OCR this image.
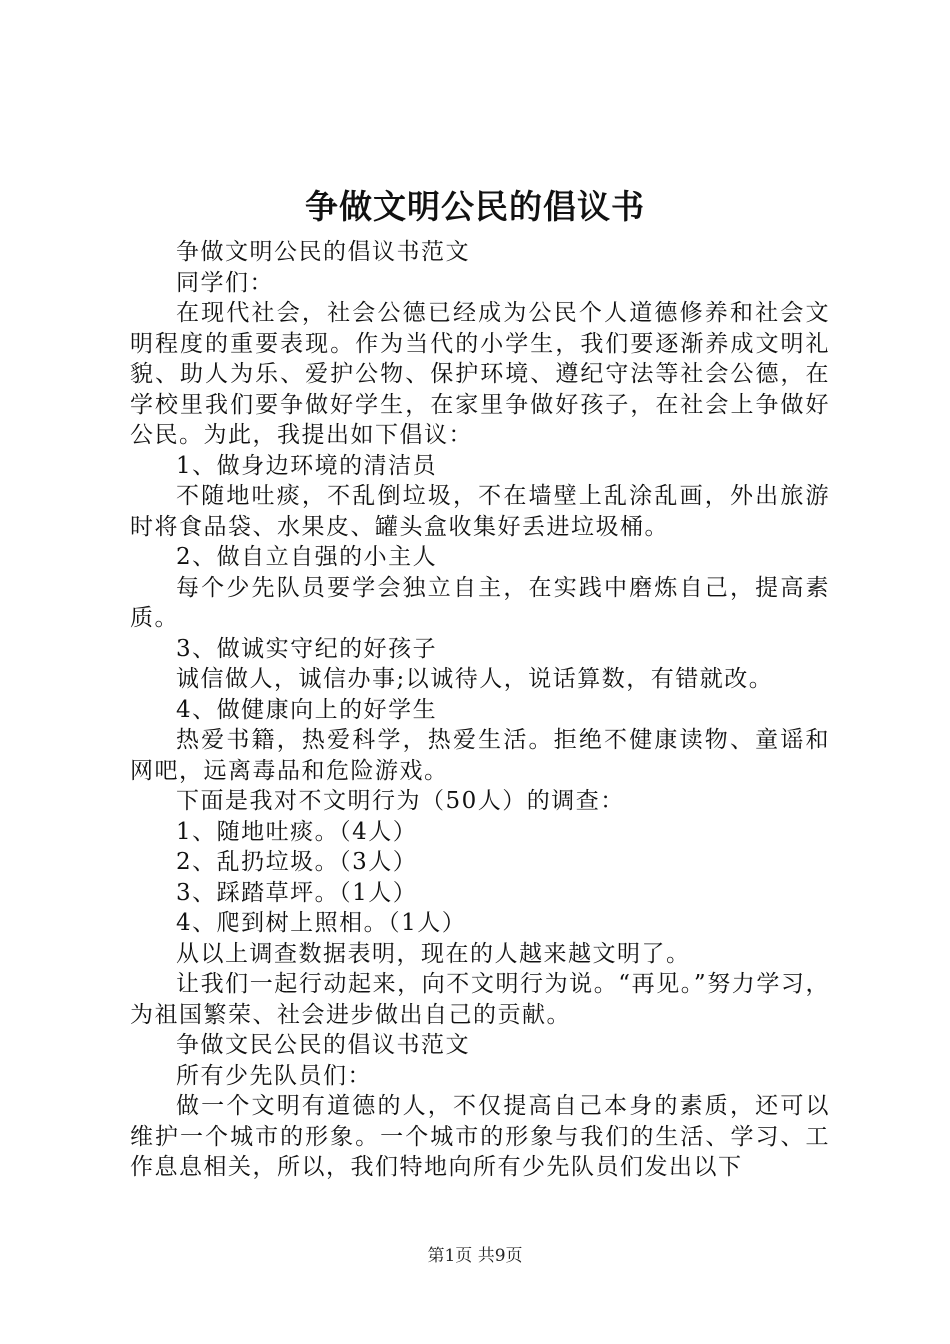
争做文明公民的倡议书

争做文明公民的倡议书范文

同学们：

在现代社会，社会公德已经成为公民个人道德修养和社会文明程度的重要表现。作为当代的小学生，我们要逐渐养成文明礼貌、助人为乐、爱护公物、保护环境、遵纪守法等社会公德，在学校里我们要争做好学生，在家里争做好孩子，在社会上争做好公民。为此，我提出如下倡议：

1、做身边环境的清洁员

不随地吐痰，不乱倒垃圾，不在墙壁上乱涂乱画，外出旅游时将食品袋、水果皮、罐头盒收集好丢进垃圾桶。

2、做自立自强的小主人

每个少先队员要学会独立自主，在实践中磨炼自己，提高素质。

3、做诚实守纪的好孩子

诚信做人，诚信办事;以诚待人，说话算数，有错就改。

4、做健康向上的好学生

热爱书籍，热爱科学，热爱生活。拒绝不健康读物、童谣和网吧，远离毒品和危险游戏。

下面是我对不文明行为（50人）的调查：

1、随地吐痰。（4人）

2、乱扔垃圾。（3人）

3、踩踏草坪。（1人）

4、爬到树上照相。（1人）

从以上调查数据表明，现在的人越来越文明了。

让我们一起行动起来，向不文明行为说。“再见。”努力学习，为祖国繁荣、社会进步做出自己的贡献。

争做文民公民的倡议书范文

所有少先队员们：

做一个文明有道德的人，不仅提高自己本身的素质，还可以维护一个城市的形象。一个城市的形象与我们的生活、学习、工作息息相关，所以，我们特地向所有少先队员们发出以下

第1页 共9页
